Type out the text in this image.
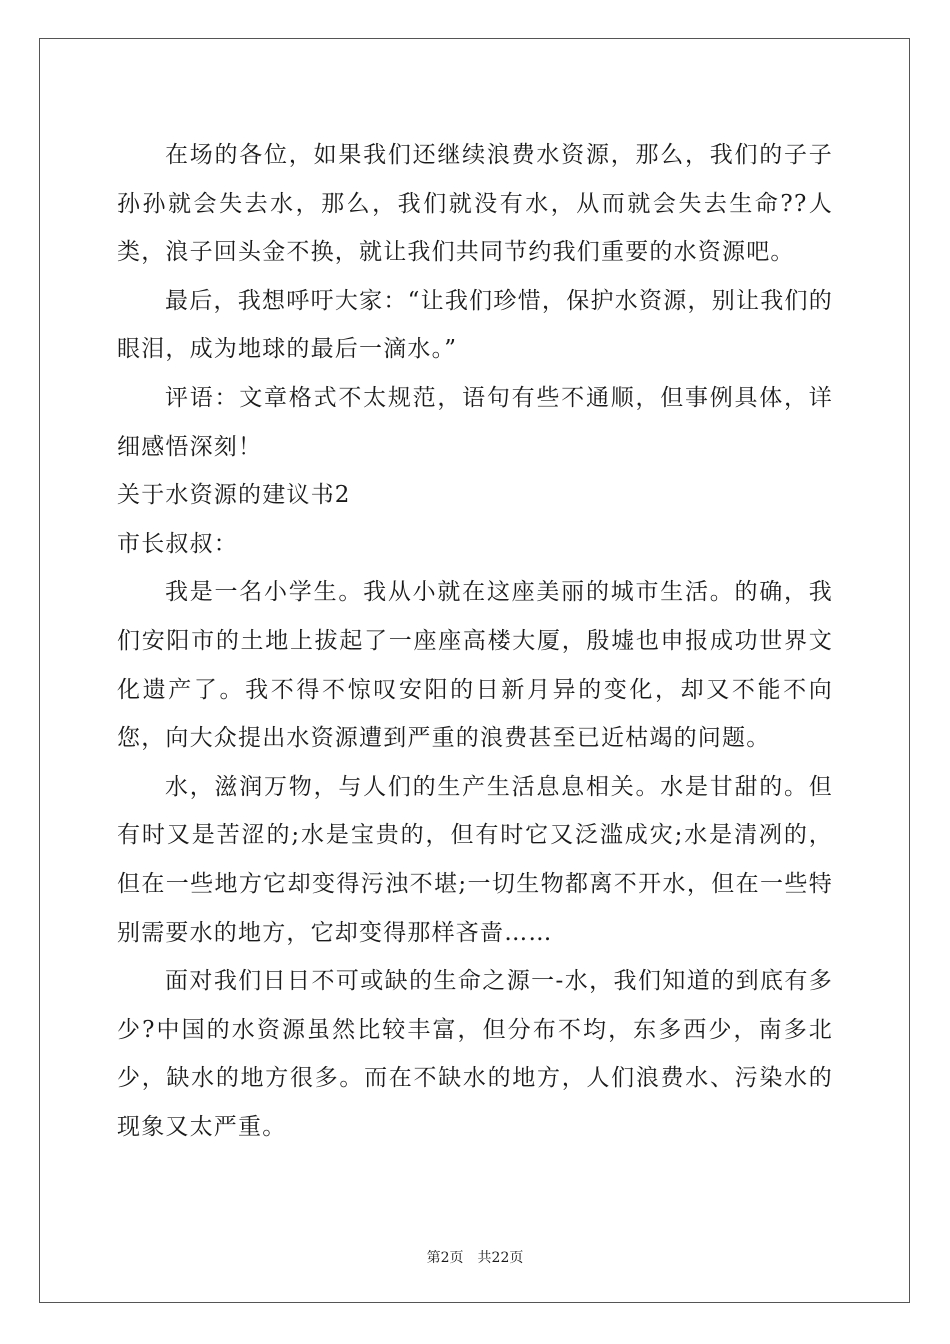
在场的各位，如果我们还继续浪费水资源，那么，我们的子子孙孙就会失去水，那么，我们就没有水，从而就会失去生命??人类，浪子回头金不换，就让我们共同节约我们重要的水资源吧。

最后，我想呼吁大家：“让我们珍惜，保护水资源，别让我们的眼泪，成为地球的最后一滴水。”

评语：文章格式不太规范，语句有些不通顺，但事例具体，详细感悟深刻！

关于水资源的建议书2

市长叔叔：

我是一名小学生。我从小就在这座美丽的城市生活。的确，我们安阳市的土地上拔起了一座座高楼大厦，殷墟也申报成功世界文化遗产了。我不得不惊叹安阳的日新月异的变化，却又不能不向您，向大众提出水资源遭到严重的浪费甚至已近枯竭的问题。

水，滋润万物，与人们的生产生活息息相关。水是甘甜的。但有时又是苦涩的;水是宝贵的，但有时它又泛滥成灾;水是清冽的，但在一些地方它却变得污浊不堪;一切生物都离不开水，但在一些特别需要水的地方，它却变得那样吝啬……

面对我们日日不可或缺的生命之源一-水，我们知道的到底有多少?中国的水资源虽然比较丰富，但分布不均，东多西少，南多北少，缺水的地方很多。而在不缺水的地方，人们浪费水、污染水的现象又太严重。

第2页 共22页
